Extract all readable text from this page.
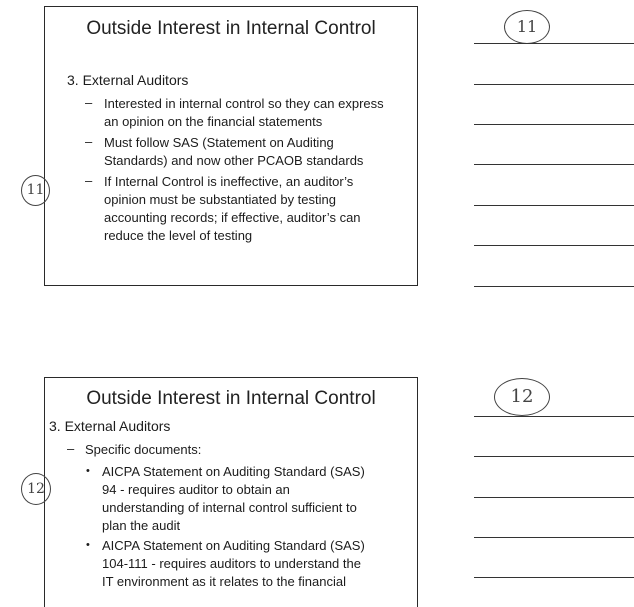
Outside Interest in Internal Control
3. External Auditors
– Interested in internal control so they can express
an opinion on the financial statements
– Must follow SAS (Statement on Auditing
Standards) and now other PCAOB standards
– If Internal Control is ineffective, an auditor’s
opinion must be substantiated by testing
accounting records; if effective, auditor’s can
reduce the level of testing
11
Outside Interest in Internal Control
3. External Auditors
– Specific documents:
• AICPA Statement on Auditing Standard (SAS)
94 - requires auditor to obtain an
understanding of internal control sufficient to
plan the audit
• AICPA Statement on Auditing Standard (SAS)
104-111 - requires auditors to understand the
IT environment as it relates to the financial
12
11
12
